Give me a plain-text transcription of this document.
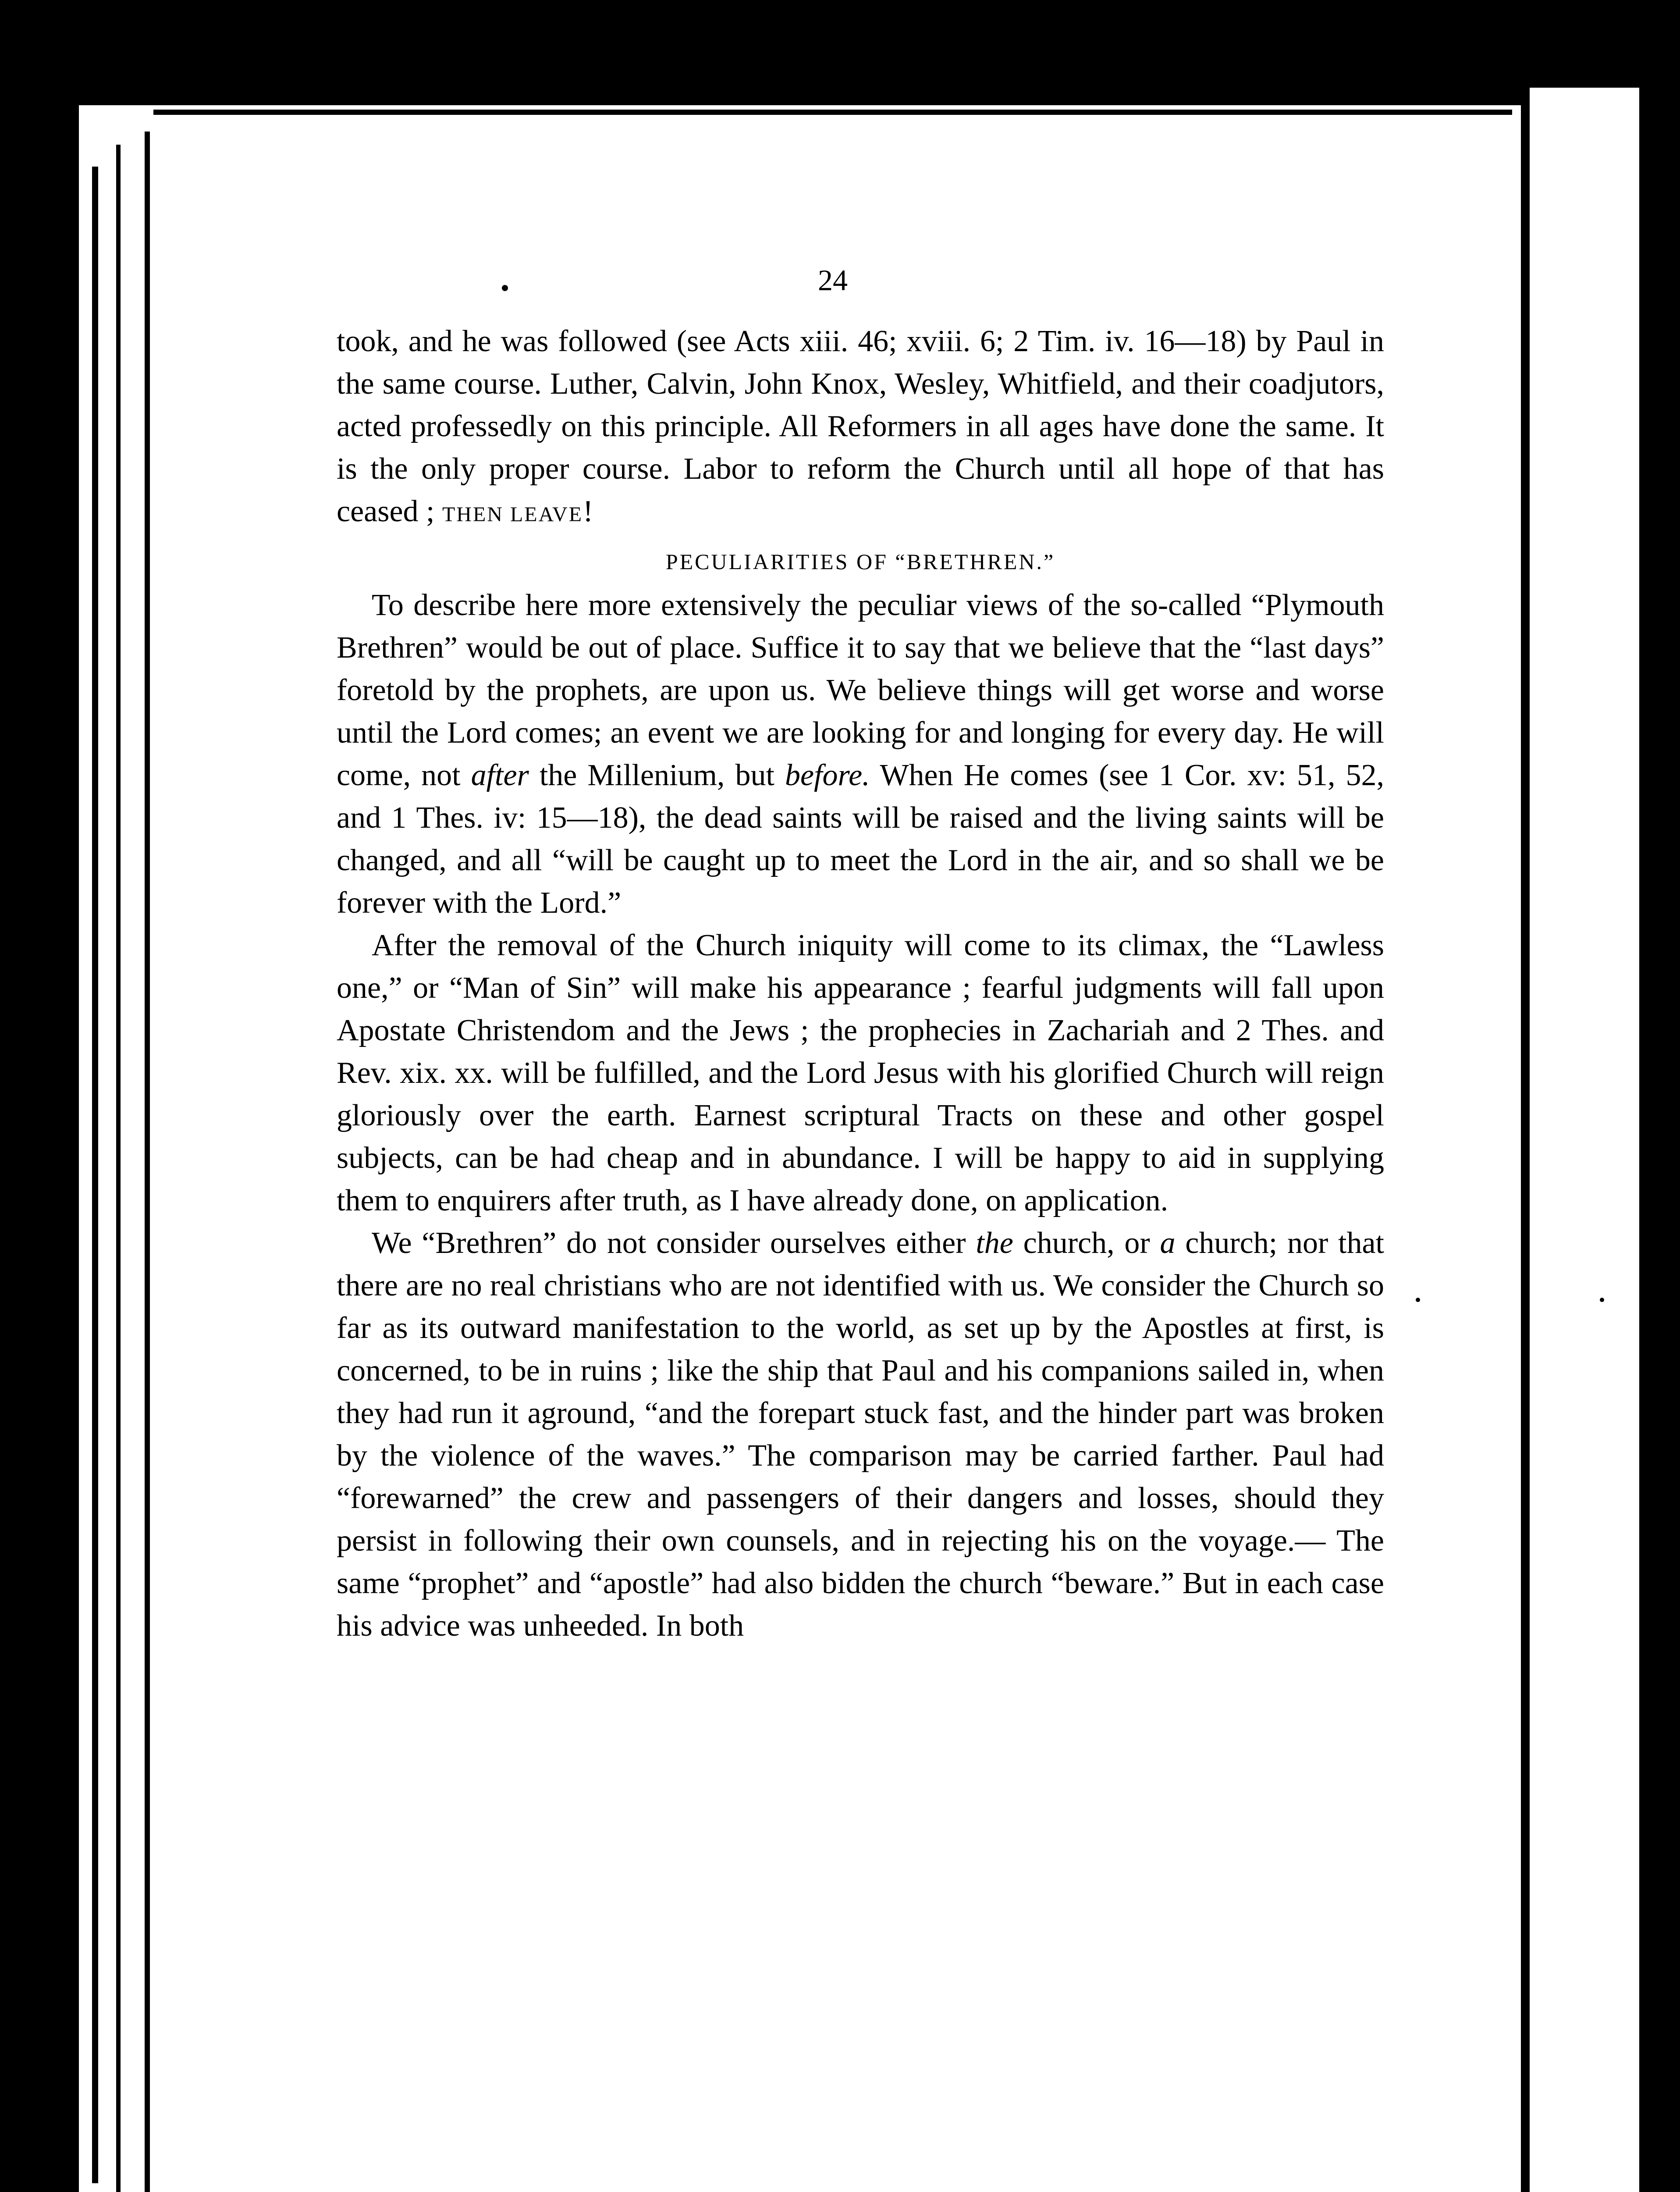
24

took, and he was followed (see Acts xiii. 46; xviii. 6; 2 Tim. iv. 16—18) by Paul in the same course. Luther, Calvin, John Knox, Wesley, Whitfield, and their coadjutors, acted professedly on this principle. All Reformers in all ages have done the same. It is the only proper course. Labor to reform the Church until all hope of that has ceased ; THEN LEAVE!

PECULIARITIES OF “BRETHREN.”

To describe here more extensively the peculiar views of the so-called “Plymouth Brethren” would be out of place. Suffice it to say that we believe that the “last days” foretold by the prophets, are upon us. We believe things will get worse and worse until the Lord comes; an event we are looking for and longing for every day. He will come, not after the Millenium, but before. When He comes (see 1 Cor. xv: 51, 52, and 1 Thes. iv: 15—18), the dead saints will be raised and the living saints will be changed, and all “will be caught up to meet the Lord in the air, and so shall we be forever with the Lord.”

After the removal of the Church iniquity will come to its climax, the “Lawless one,” or “Man of Sin” will make his appearance ; fearful judgments will fall upon Apostate Christendom and the Jews ; the prophecies in Zachariah and 2 Thes. and Rev. xix. xx. will be fulfilled, and the Lord Jesus with his glorified Church will reign gloriously over the earth. Earnest scriptural Tracts on these and other gospel subjects, can be had cheap and in abundance. I will be happy to aid in supplying them to enquirers after truth, as I have already done, on application.

We “Brethren” do not consider ourselves either the church, or a church; nor that there are no real christians who are not identified with us. We consider the Church so far as its outward manifestation to the world, as set up by the Apostles at first, is concerned, to be in ruins ; like the ship that Paul and his companions sailed in, when they had run it aground, “and the forepart stuck fast, and the hinder part was broken by the violence of the waves.” The comparison may be carried farther. Paul had “forewarned” the crew and passengers of their dangers and losses, should they persist in following their own counsels, and in rejecting his on the voyage.— The same “prophet” and “apostle” had also bidden the church “beware.” But in each case his advice was unheeded. In both
